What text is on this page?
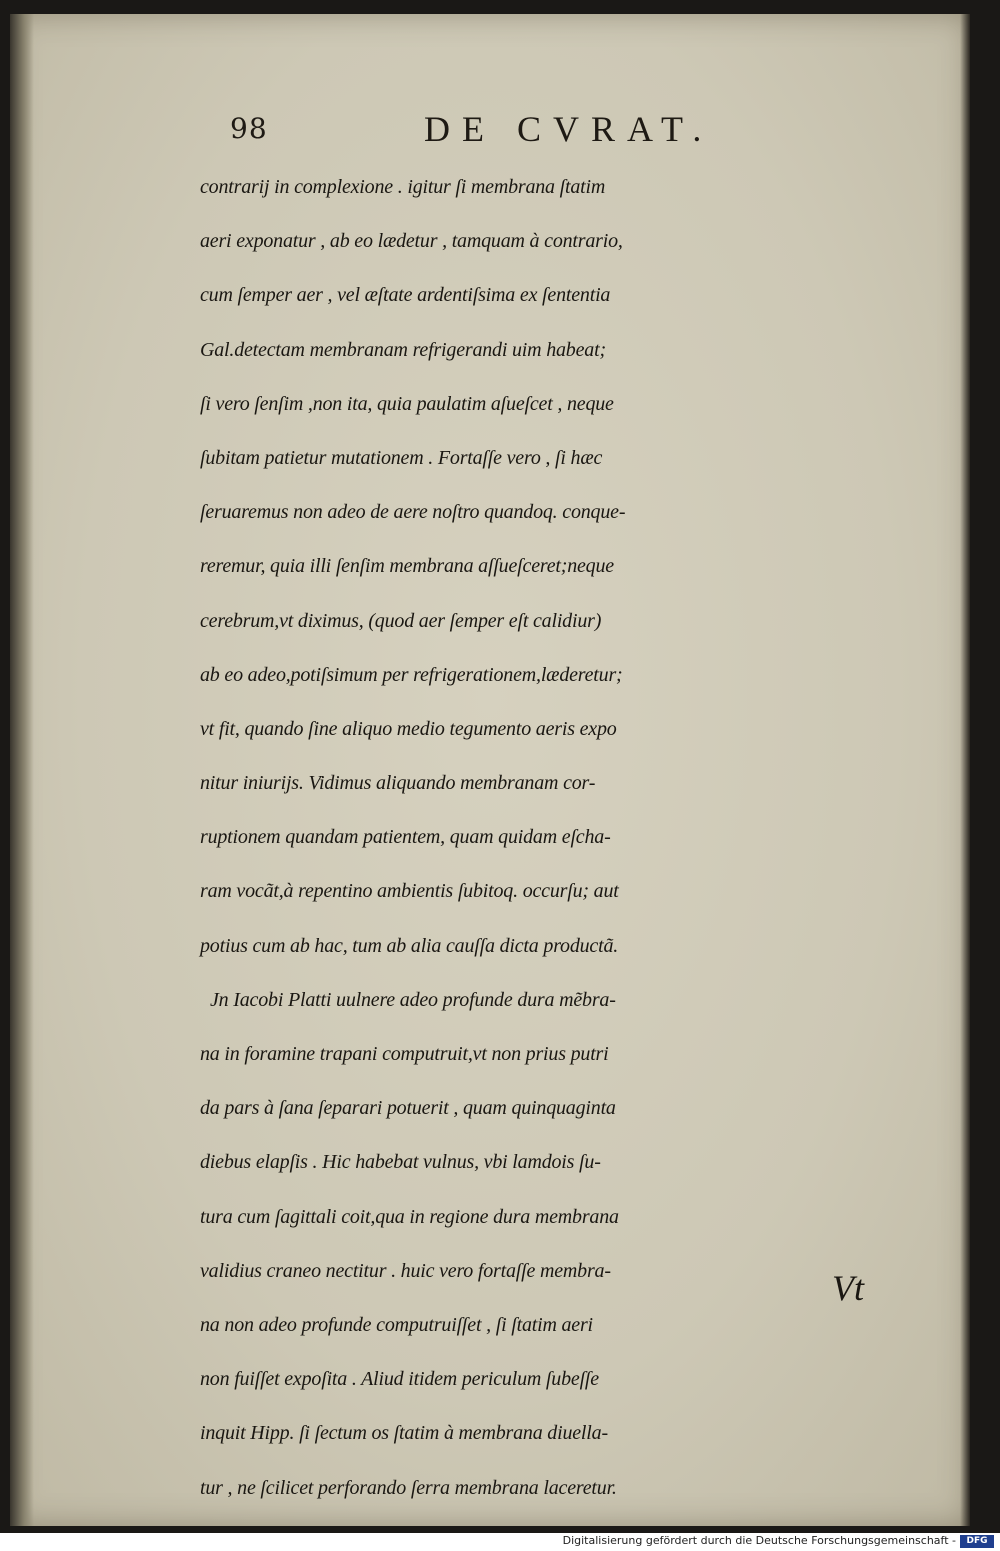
98	DE CVRAT.
contrarij in complexione . igitur ſi membrana ſtatim
aeri exponatur , ab eo lædetur , tamquam à contrario,
cum ſemper aer , vel æſtate ardentiſsima ex ſententia
Gal.detectam membranam refrigerandi uim habeat;
ſi vero ſenſim ,non ita, quia paulatim aſueſcet , neque
ſubitam patietur mutationem . Fortaſſe vero , ſi hæc
ſeruaremus non adeo de aere noſtro quandoq. conque-
reremur, quia illi ſenſim membrana aſſueſceret;neque
cerebrum,vt diximus, (quod aer ſemper eſt calidiur)
ab eo adeo,potiſsimum per refrigerationem,læderetur;
vt fit, quando ſine aliquo medio tegumento aeris expo
nitur iniurijs. Vidimus aliquando membranam cor-
ruptionem quandam patientem, quam quidam eſcha-
ram vocãt,à repentino ambientis ſubitoq. occurſu; aut
potius cum ab hac, tum ab alia cauſſa dicta productã.
Jn Iacobi Platti uulnere adeo profunde dura mẽbra-
na in foramine trapani computruit,vt non prius putri
da pars à ſana ſeparari potuerit , quam quinquaginta
diebus elapſis . Hic habebat vulnus, vbi lamdois ſu-
tura cum ſagittali coit,qua in regione dura membrana
validius craneo nectitur . huic vero fortaſſe membra-
na non adeo profunde computruiſſet , ſi ſtatim aeri
non fuiſſet expoſita . Aliud itidem periculum ſubeſſe
inquit Hipp. ſi ſectum os ſtatim à membrana diuella-
tur , ne ſcilicet perforando ſerra membrana laceretur.
Vt
Digitalisierung gefördert durch die Deutsche Forschungsgemeinschaft -	DFG
